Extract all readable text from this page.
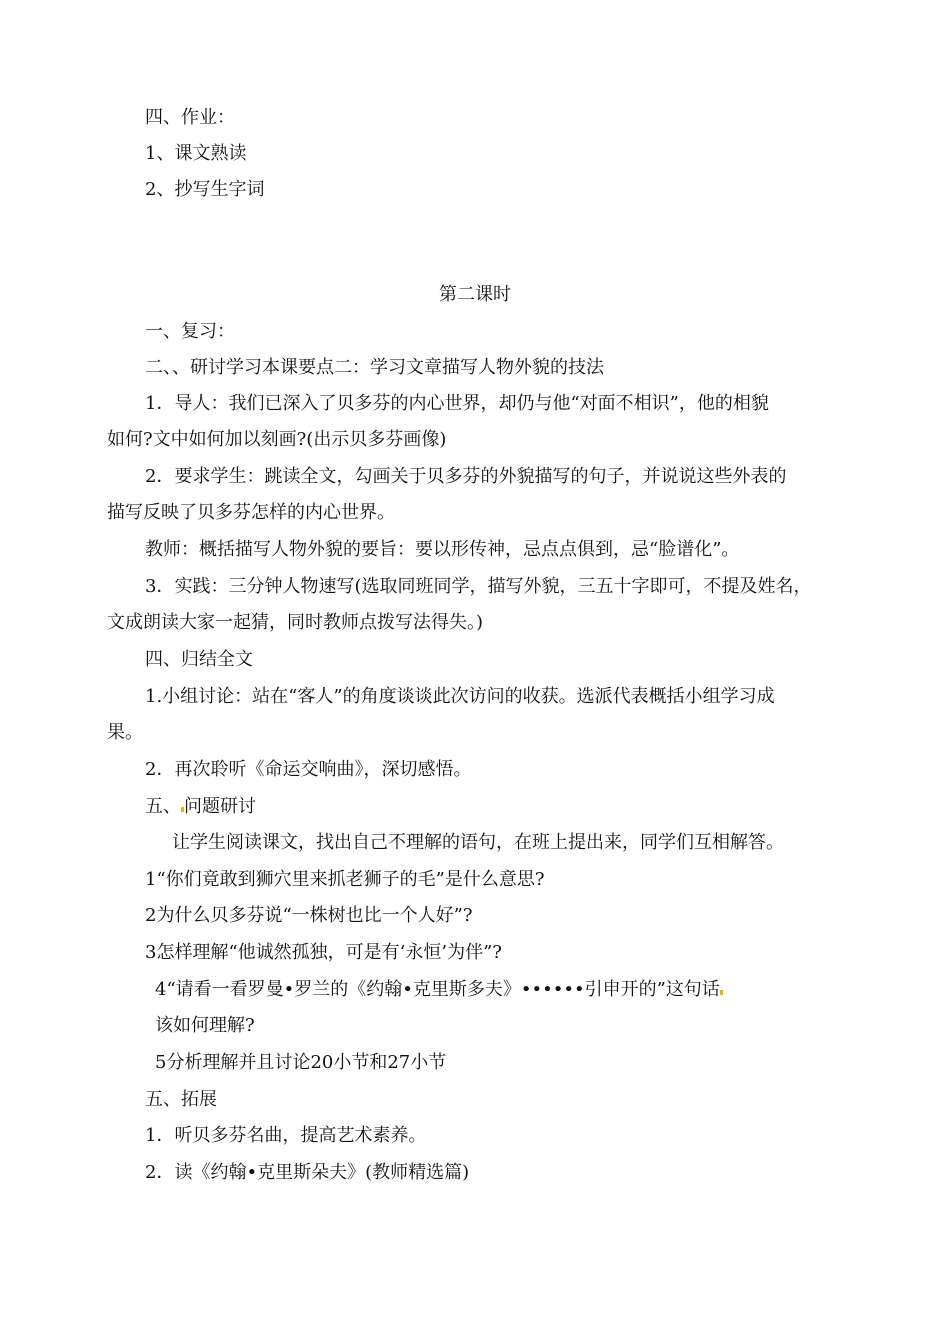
四、作业：

1、课文熟读

2、抄写生字词

第二课时

一、复习：

二、、研讨学习本课要点二：学习文章描写人物外貌的技法

1．导人：我们已深入了贝多芬的内心世界，却仍与他“对面不相识”，他的相貌

如何?文中如何加以刻画?(出示贝多芬画像)

2．要求学生：跳读全文，勾画关于贝多芬的外貌描写的句子，并说说这些外表的

描写反映了贝多芬怎样的内心世界。

教师：概括描写人物外貌的要旨：要以形传神，忌点点俱到，忌“脸谱化”。

3．实践：三分钟人物速写(选取同班同学，描写外貌，三五十字即可，不提及姓名，

文成朗读大家一起猜，同时教师点拨写法得失。)

四、归结全文

1.小组讨论：站在“客人”的角度谈谈此次访问的收获。选派代表概括小组学习成

果。

2．再次聆听《命运交响曲》，深切感悟。

五、 问题研讨

让学生阅读课文，找出自己不理解的语句，在班上提出来，同学们互相解答。

1“你们竟敢到狮穴里来抓老狮子的毛”是什么意思?

2为什么贝多芬说“一株树也比一个人好”?

3怎样理解“他诚然孤独，可是有‘永恒’为伴”?

4“请看一看罗曼•罗兰的《约翰•克里斯多夫》••••••引申开的”这句话

该如何理解?

5分析理解并且讨论20小节和27小节

五、拓展

1．听贝多芬名曲，提高艺术素养。

2．读《约翰•克里斯朵夫》(教师精选篇)
